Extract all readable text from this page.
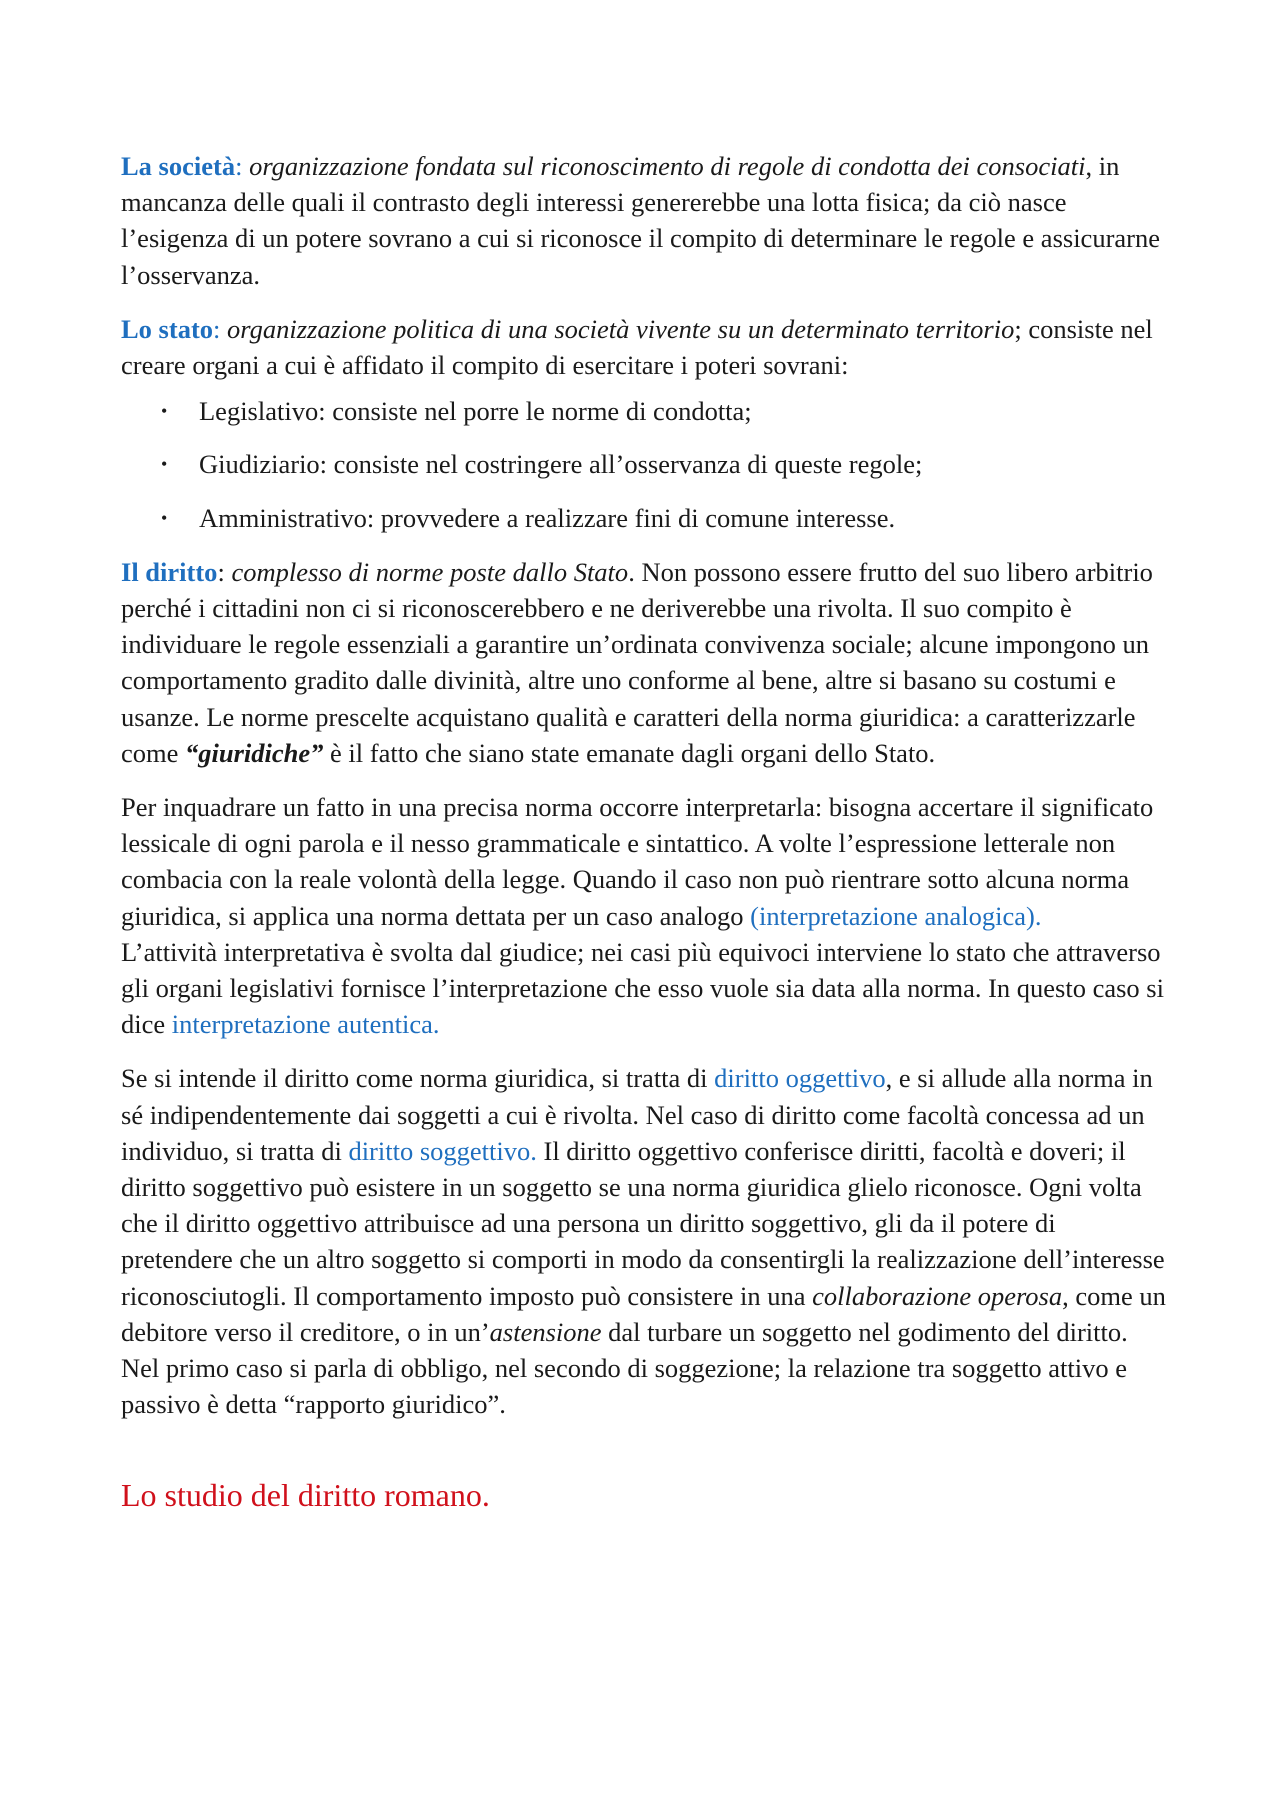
La società: organizzazione fondata sul riconoscimento di regole di condotta dei consociati, in mancanza delle quali il contrasto degli interessi genererebbe una lotta fisica; da ciò nasce l’esigenza di un potere sovrano a cui si riconosce il compito di determinare le regole e assicurarne l’osservanza.

Lo stato: organizzazione politica di una società vivente su un determinato territorio; consiste nel creare organi a cui è affidato il compito di esercitare i poteri sovrani:

• Legislativo: consiste nel porre le norme di condotta;
• Giudiziario: consiste nel costringere all’osservanza di queste regole;
• Amministrativo: provvedere a realizzare fini di comune interesse.

Il diritto: complesso di norme poste dallo Stato. Non possono essere frutto del suo libero arbitrio perché i cittadini non ci si riconoscerebbero e ne deriverebbe una rivolta. Il suo compito è individuare le regole essenziali a garantire un’ordinata convivenza sociale; alcune impongono un comportamento gradito dalle divinità, altre uno conforme al bene, altre si basano su costumi e usanze. Le norme prescelte acquistano qualità e caratteri della norma giuridica: a caratterizzarle come “giuridiche” è il fatto che siano state emanate dagli organi dello Stato.

Per inquadrare un fatto in una precisa norma occorre interpretarla: bisogna accertare il significato lessicale di ogni parola e il nesso grammaticale e sintattico. A volte l’espressione letterale non combacia con la reale volontà della legge. Quando il caso non può rientrare sotto alcuna norma giuridica, si applica una norma dettata per un caso analogo (interpretazione analogica).
L’attività interpretativa è svolta dal giudice; nei casi più equivoci interviene lo stato che attraverso gli organi legislativi fornisce l’interpretazione che esso vuole sia data alla norma. In questo caso si dice interpretazione autentica.

Se si intende il diritto come norma giuridica, si tratta di diritto oggettivo, e si allude alla norma in sé indipendentemente dai soggetti a cui è rivolta. Nel caso di diritto come facoltà concessa ad un individuo, si tratta di diritto soggettivo. Il diritto oggettivo conferisce diritti, facoltà e doveri; il diritto soggettivo può esistere in un soggetto se una norma giuridica glielo riconosce. Ogni volta che il diritto oggettivo attribuisce ad una persona un diritto soggettivo, gli da il potere di pretendere che un altro soggetto si comporti in modo da consentirgli la realizzazione dell’interesse riconosciutogli. Il comportamento imposto può consistere in una collaborazione operosa, come un debitore verso il creditore, o in un’astensione dal turbare un soggetto nel godimento del diritto. Nel primo caso si parla di obbligo, nel secondo di soggezione; la relazione tra soggetto attivo e passivo è detta “rapporto giuridico”.

Lo studio del diritto romano.
